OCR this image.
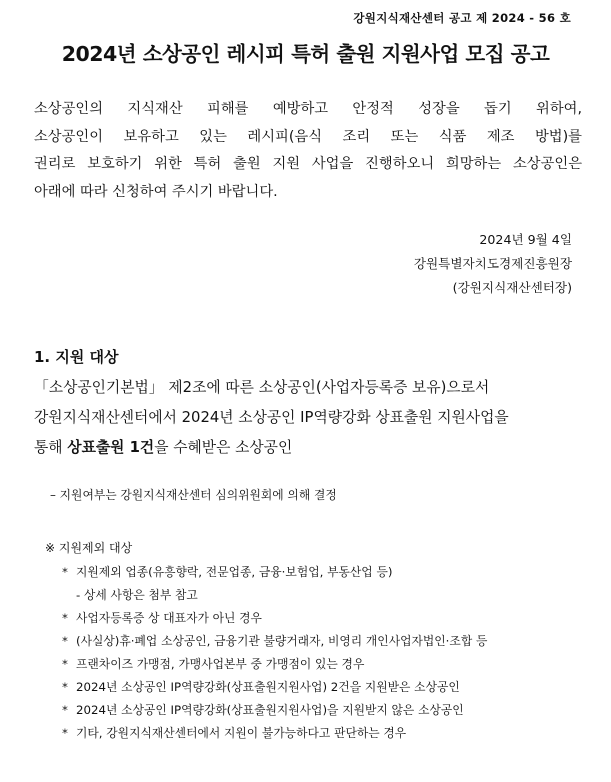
강원지식재산센터 공고 제 2024 - 56 호
2024년 소상공인 레시피 특허 출원 지원사업 모집 공고
소상공인의 지식재산 피해를 예방하고 안정적 성장을 돕기 위하여,
소상공인이 보유하고 있는 레시피(음식 조리 또는 식품 제조 방법)를
권리로 보호하기 위한 특허 출원 지원 사업을 진행하오니 희망하는 소상공인은
아래에 따라 신청하여 주시기 바랍니다.
2024년 9월 4일
강원특별자치도경제진흥원장
(강원지식재산센터장)
1. 지원 대상
「소상공인기본법」 제2조에 따른 소상공인(사업자등록증 보유)으로서
강원지식재산센터에서 2024년 소상공인 IP역량강화 상표출원 지원사업을
통해 상표출원 1건을 수혜받은 소상공인
– 지원여부는 강원지식재산센터 심의위원회에 의해 결정
※ 지원제외 대상
* 지원제외 업종(유흥향락, 전문업종, 금융·보험업, 부동산업 등)
- 상세 사항은 첨부 참고
* 사업자등록증 상 대표자가 아닌 경우
* (사실상)휴·폐업 소상공인, 금융기관 불량거래자, 비영리 개인사업자법인·조합 등
* 프랜차이즈 가맹점, 가맹사업본부 중 가맹점이 있는 경우
* 2024년 소상공인 IP역량강화(상표출원지원사업) 2건을 지원받은 소상공인
* 2024년 소상공인 IP역량강화(상표출원지원사업)을 지원받지 않은 소상공인
* 기타, 강원지식재산센터에서 지원이 불가능하다고 판단하는 경우
